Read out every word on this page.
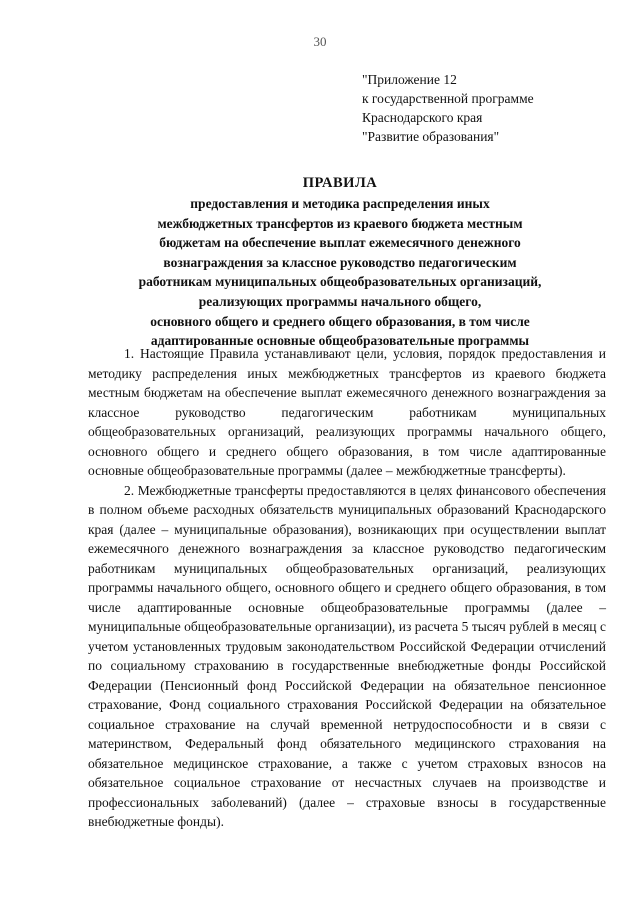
30
"Приложение 12
к государственной программе
Краснодарского края
"Развитие образования"
ПРАВИЛА
предоставления и методика распределения иных
межбюджетных трансфертов из краевого бюджета местным
бюджетам на обеспечение выплат ежемесячного денежного
вознаграждения за классное руководство педагогическим
работникам муниципальных общеобразовательных организаций,
реализующих программы начального общего,
основного общего и среднего общего образования, в том числе
адаптированные основные общеобразовательные программы

1. Настоящие Правила устанавливают цели, условия, порядок предоставления и методику распределения иных межбюджетных трансфертов из краевого бюджета местным бюджетам на обеспечение выплат ежемесячного денежного вознаграждения за классное руководство педагогическим работникам муниципальных общеобразовательных организаций, реализующих программы начального общего, основного общего и среднего общего образования, в том числе адаптированные основные общеобразовательные программы (далее – межбюджетные трансферты).

2. Межбюджетные трансферты предоставляются в целях финансового обеспечения в полном объеме расходных обязательств муниципальных образований Краснодарского края (далее – муниципальные образования), возникающих при осуществлении выплат ежемесячного денежного вознаграждения за классное руководство педагогическим работникам муниципальных общеобразовательных организаций, реализующих программы начального общего, основного общего и среднего общего образования, в том числе адаптированные основные общеобразовательные программы (далее – муниципальные общеобразовательные организации), из расчета 5 тысяч рублей в месяц с учетом установленных трудовым законодательством Российской Федерации отчислений по социальному страхованию в государственные внебюджетные фонды Российской Федерации (Пенсионный фонд Российской Федерации на обязательное пенсионное страхование, Фонд социального страхования Российской Федерации на обязательное социальное страхование на случай временной нетрудоспособности и в связи с материнством, Федеральный фонд обязательного медицинского страхования на обязательное медицинское страхование, а также с учетом страховых взносов на обязательное социальное страхование от несчастных случаев на производстве и профессиональных заболеваний) (далее – страховые взносы в государственные внебюджетные фонды).
